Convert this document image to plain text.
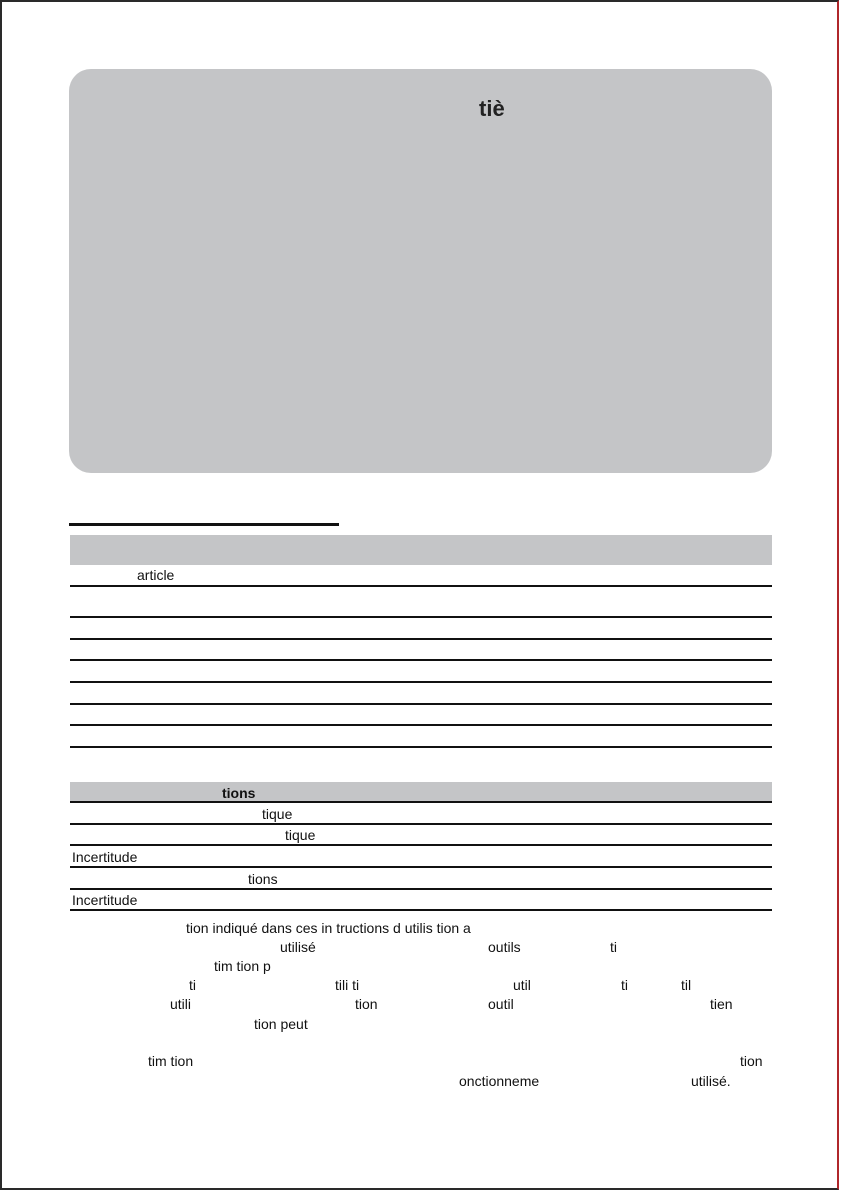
tiè
article
tions
tique
tique
Incertitude
tions
Incertitude
tion indiqué dans ces in tructions d utilis tion a
utilisé	outils	ti
tim tion p
ti	tili ti	util	ti	til
utili	tion	outil	tien
tion peut
tim tion	tion
onctionneme	utilisé.
